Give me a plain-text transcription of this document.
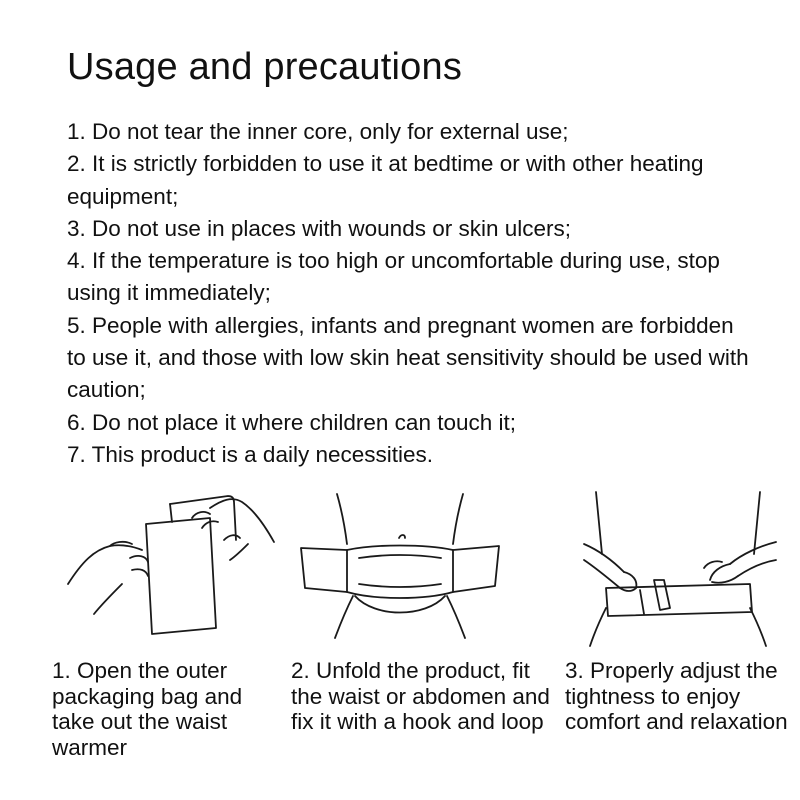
Usage and precautions
1. Do not tear the inner core, only for external use;
2. It is strictly forbidden to use it at bedtime or with other heating equipment;
3. Do not use in places with wounds or skin ulcers;
4. If the temperature is too high or uncomfortable during use, stop using it immediately;
5. People with allergies, infants and pregnant women are forbidden to use it, and those with low skin heat sensitivity should be used with caution;
6. Do not place it where children can touch it;
7. This product is a daily necessities.

1. Open the outer packaging bag and take out the waist warmer

2. Unfold the product, fit the waist or abdomen and fix it with a hook and loop

3. Properly adjust the tightness to enjoy comfort and relaxation
